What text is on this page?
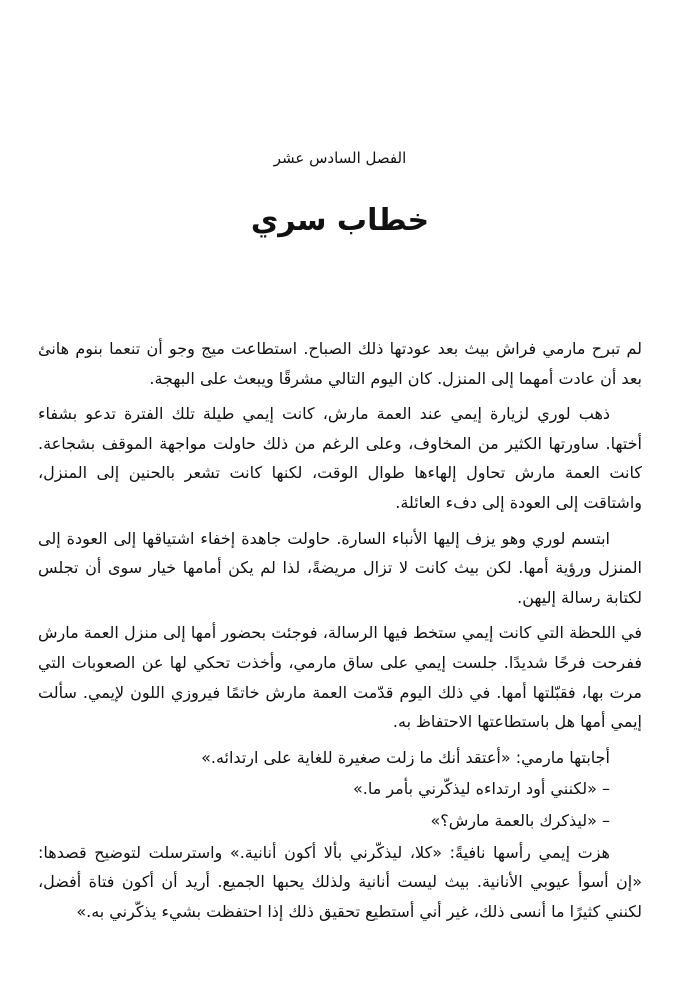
الفصل السادس عشر
خطاب سري

لم تبرح مارمي فراش بيث بعد عودتها ذلك الصباح. استطاعت ميج وجو أن تنعما بنوم هانئ بعد أن عادت أمهما إلى المنزل. كان اليوم التالي مشرقًا ويبعث على البهجة.

ذهب لوري لزيارة إيمي عند العمة مارش، كانت إيمي طيلة تلك الفترة تدعو بشفاء أختها. ساورتها الكثير من المخاوف، وعلى الرغم من ذلك حاولت مواجهة الموقف بشجاعة. كانت العمة مارش تحاول إلهاءها طوال الوقت، لكنها كانت تشعر بالحنين إلى المنزل، واشتاقت إلى العودة إلى دفء العائلة.

ابتسم لوري وهو يزف إليها الأنباء السارة. حاولت جاهدة إخفاء اشتياقها إلى العودة إلى المنزل ورؤية أمها. لكن بيث كانت لا تزال مريضةً، لذا لم يكن أمامها خيار سوى أن تجلس لكتابة رسالة إليهن.

في اللحظة التي كانت إيمي ستخط فيها الرسالة، فوجئت بحضور أمها إلى منزل العمة مارش ففرحت فرحًا شديدًا. جلست إيمي على ساق مارمي، وأخذت تحكي لها عن الصعوبات التي مرت بها، فقبّلتها أمها. في ذلك اليوم قدّمت العمة مارش خاتمًا فيروزي اللون لإيمي. سألت إيمي أمها هل باستطاعتها الاحتفاظ به.

أجابتها مارمي: «أعتقد أنك ما زلت صغيرة للغاية على ارتدائه.»

– «لكنني أود ارتداءه ليذكّرني بأمر ما.»

– «ليذكرك بالعمة مارش؟»

هزت إيمي رأسها نافيةً: «كلا، ليذكّرني بألا أكون أنانية.» واسترسلت لتوضيح قصدها: «إن أسوأ عيوبي الأنانية. بيث ليست أنانية ولذلك يحبها الجميع. أريد أن أكون فتاة أفضل، لكنني كثيرًا ما أنسى ذلك، غير أني أستطيع تحقيق ذلك إذا احتفظت بشيء يذكّرني به.»
